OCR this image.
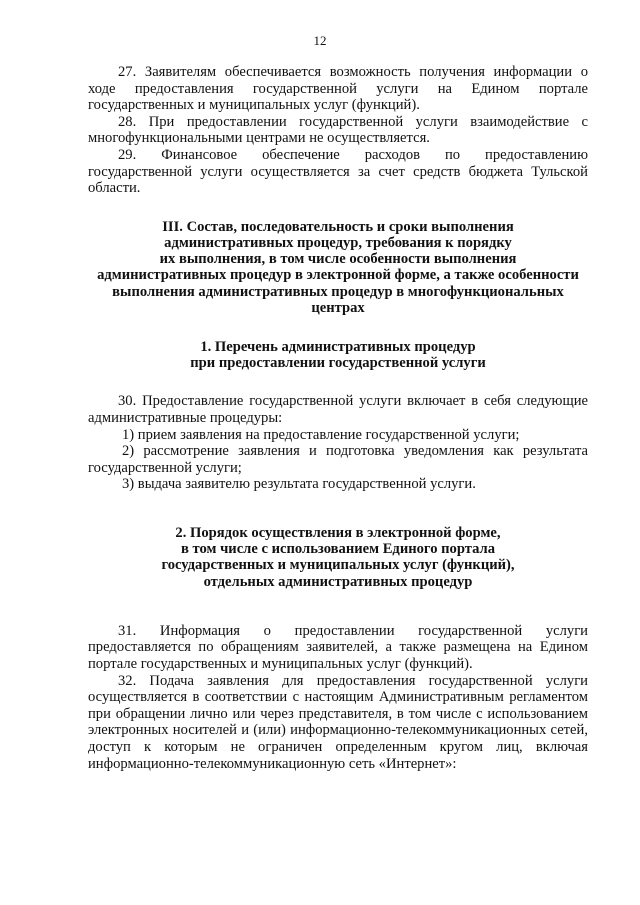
12

27. Заявителям обеспечивается возможность получения информации о ходе предоставления государственной услуги на Едином портале государственных и муниципальных услуг (функций).

28. При предоставлении государственной услуги взаимодействие с многофункциональными центрами не осуществляется.

29. Финансовое обеспечение расходов по предоставлению государственной услуги осуществляется за счет средств бюджета Тульской области.

III. Состав, последовательность и сроки выполнения
административных процедур, требования к порядку
их выполнения, в том числе особенности выполнения
административных процедур в электронной форме, а также особенности
выполнения административных процедур в многофункциональных
центрах
1. Перечень административных процедур
при предоставлении государственной услуги

30. Предоставление государственной услуги включает в себя следующие административные процедуры:

1) прием заявления на предоставление государственной услуги;

2) рассмотрение заявления и подготовка уведомления как результата государственной услуги;

3) выдача заявителю результата государственной услуги.

2. Порядок осуществления в электронной форме,
в том числе с использованием Единого портала
государственных и муниципальных услуг (функций),
отдельных административных процедур

31. Информация о предоставлении государственной услуги предоставляется по обращениям заявителей, а также размещена на Едином портале государственных и муниципальных услуг (функций).

32. Подача заявления для предоставления государственной услуги осуществляется в соответствии с настоящим Административным регламентом при обращении лично или через представителя, в том числе с использованием электронных носителей и (или) информационно-телекоммуникационных сетей, доступ к которым не ограничен определенным кругом лиц, включая информационно-телекоммуникационную сеть «Интернет»:
